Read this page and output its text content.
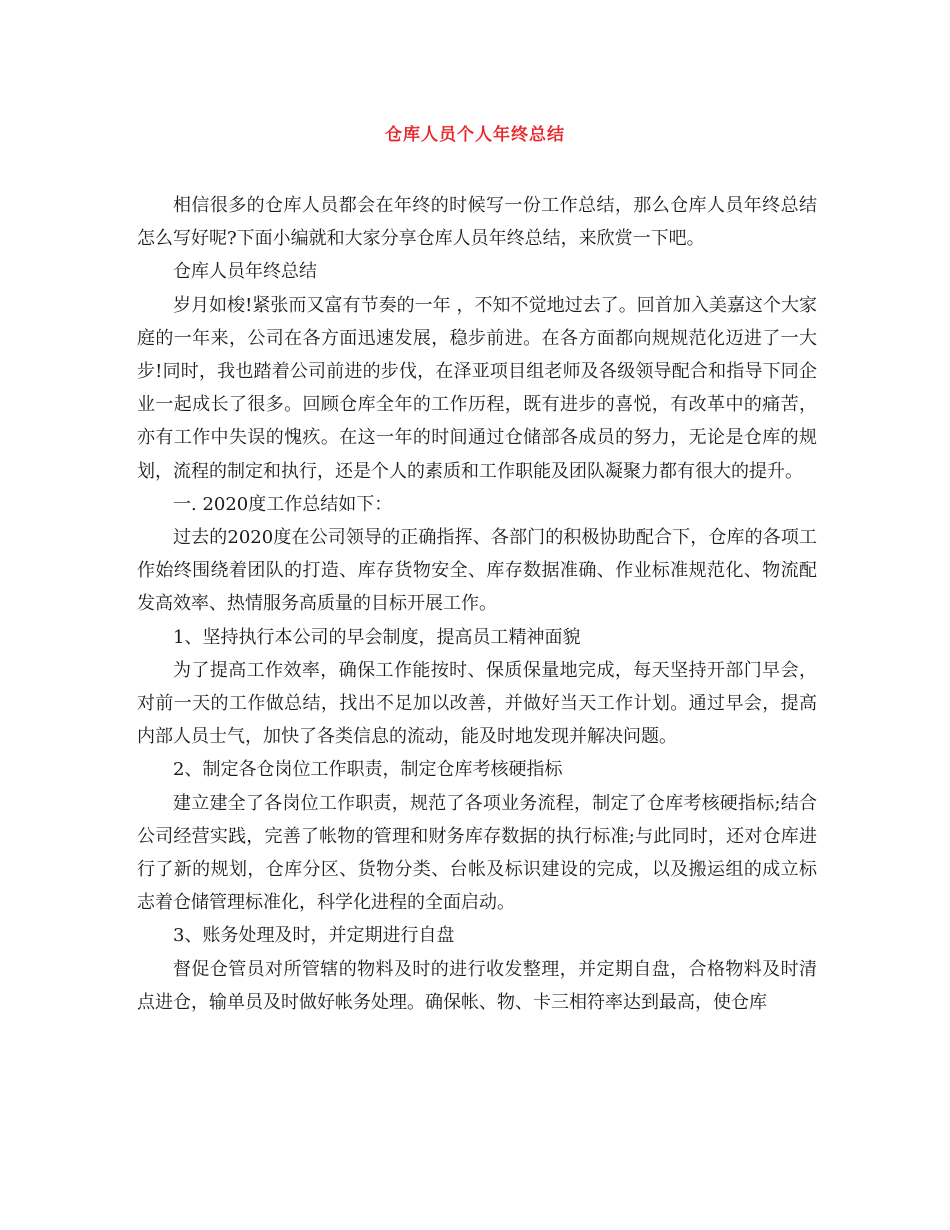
仓库人员个人年终总结

相信很多的仓库人员都会在年终的时候写一份工作总结，那么仓库人员年终总结怎么写好呢?下面小编就和大家分享仓库人员年终总结，来欣赏一下吧。

仓库人员年终总结

岁月如梭!紧张而又富有节奏的一年 ，不知不觉地过去了。回首加入美嘉这个大家庭的一年来，公司在各方面迅速发展，稳步前进。在各方面都向规规范化迈进了一大步!同时，我也踏着公司前进的步伐，在泽亚项目组老师及各级领导配合和指导下同企业一起成长了很多。回顾仓库全年的工作历程，既有进步的喜悦，有改革中的痛苦，亦有工作中失误的愧疚。在这一年的时间通过仓储部各成员的努力，无论是仓库的规划，流程的制定和执行，还是个人的素质和工作职能及团队凝聚力都有很大的提升。

一. 2020度工作总结如下：

过去的2020度在公司领导的正确指挥、各部门的积极协助配合下，仓库的各项工作始终围绕着团队的打造、库存货物安全、库存数据准确、作业标准规范化、物流配发高效率、热情服务高质量的目标开展工作。

1、坚持执行本公司的早会制度，提高员工精神面貌

为了提高工作效率，确保工作能按时、保质保量地完成，每天坚持开部门早会，对前一天的工作做总结，找出不足加以改善，并做好当天工作计划。通过早会，提高内部人员士气，加快了各类信息的流动，能及时地发现并解决问题。

2、制定各仓岗位工作职责，制定仓库考核硬指标

建立建全了各岗位工作职责，规范了各项业务流程，制定了仓库考核硬指标;结合公司经营实践，完善了帐物的管理和财务库存数据的执行标准;与此同时，还对仓库进行了新的规划，仓库分区、货物分类、台帐及标识建设的完成，以及搬运组的成立标志着仓储管理标准化，科学化进程的全面启动。

3、账务处理及时，并定期进行自盘

督促仓管员对所管辖的物料及时的进行收发整理，并定期自盘，合格物料及时清点进仓，输单员及时做好帐务处理。确保帐、物、卡三相符率达到最高，使仓库
